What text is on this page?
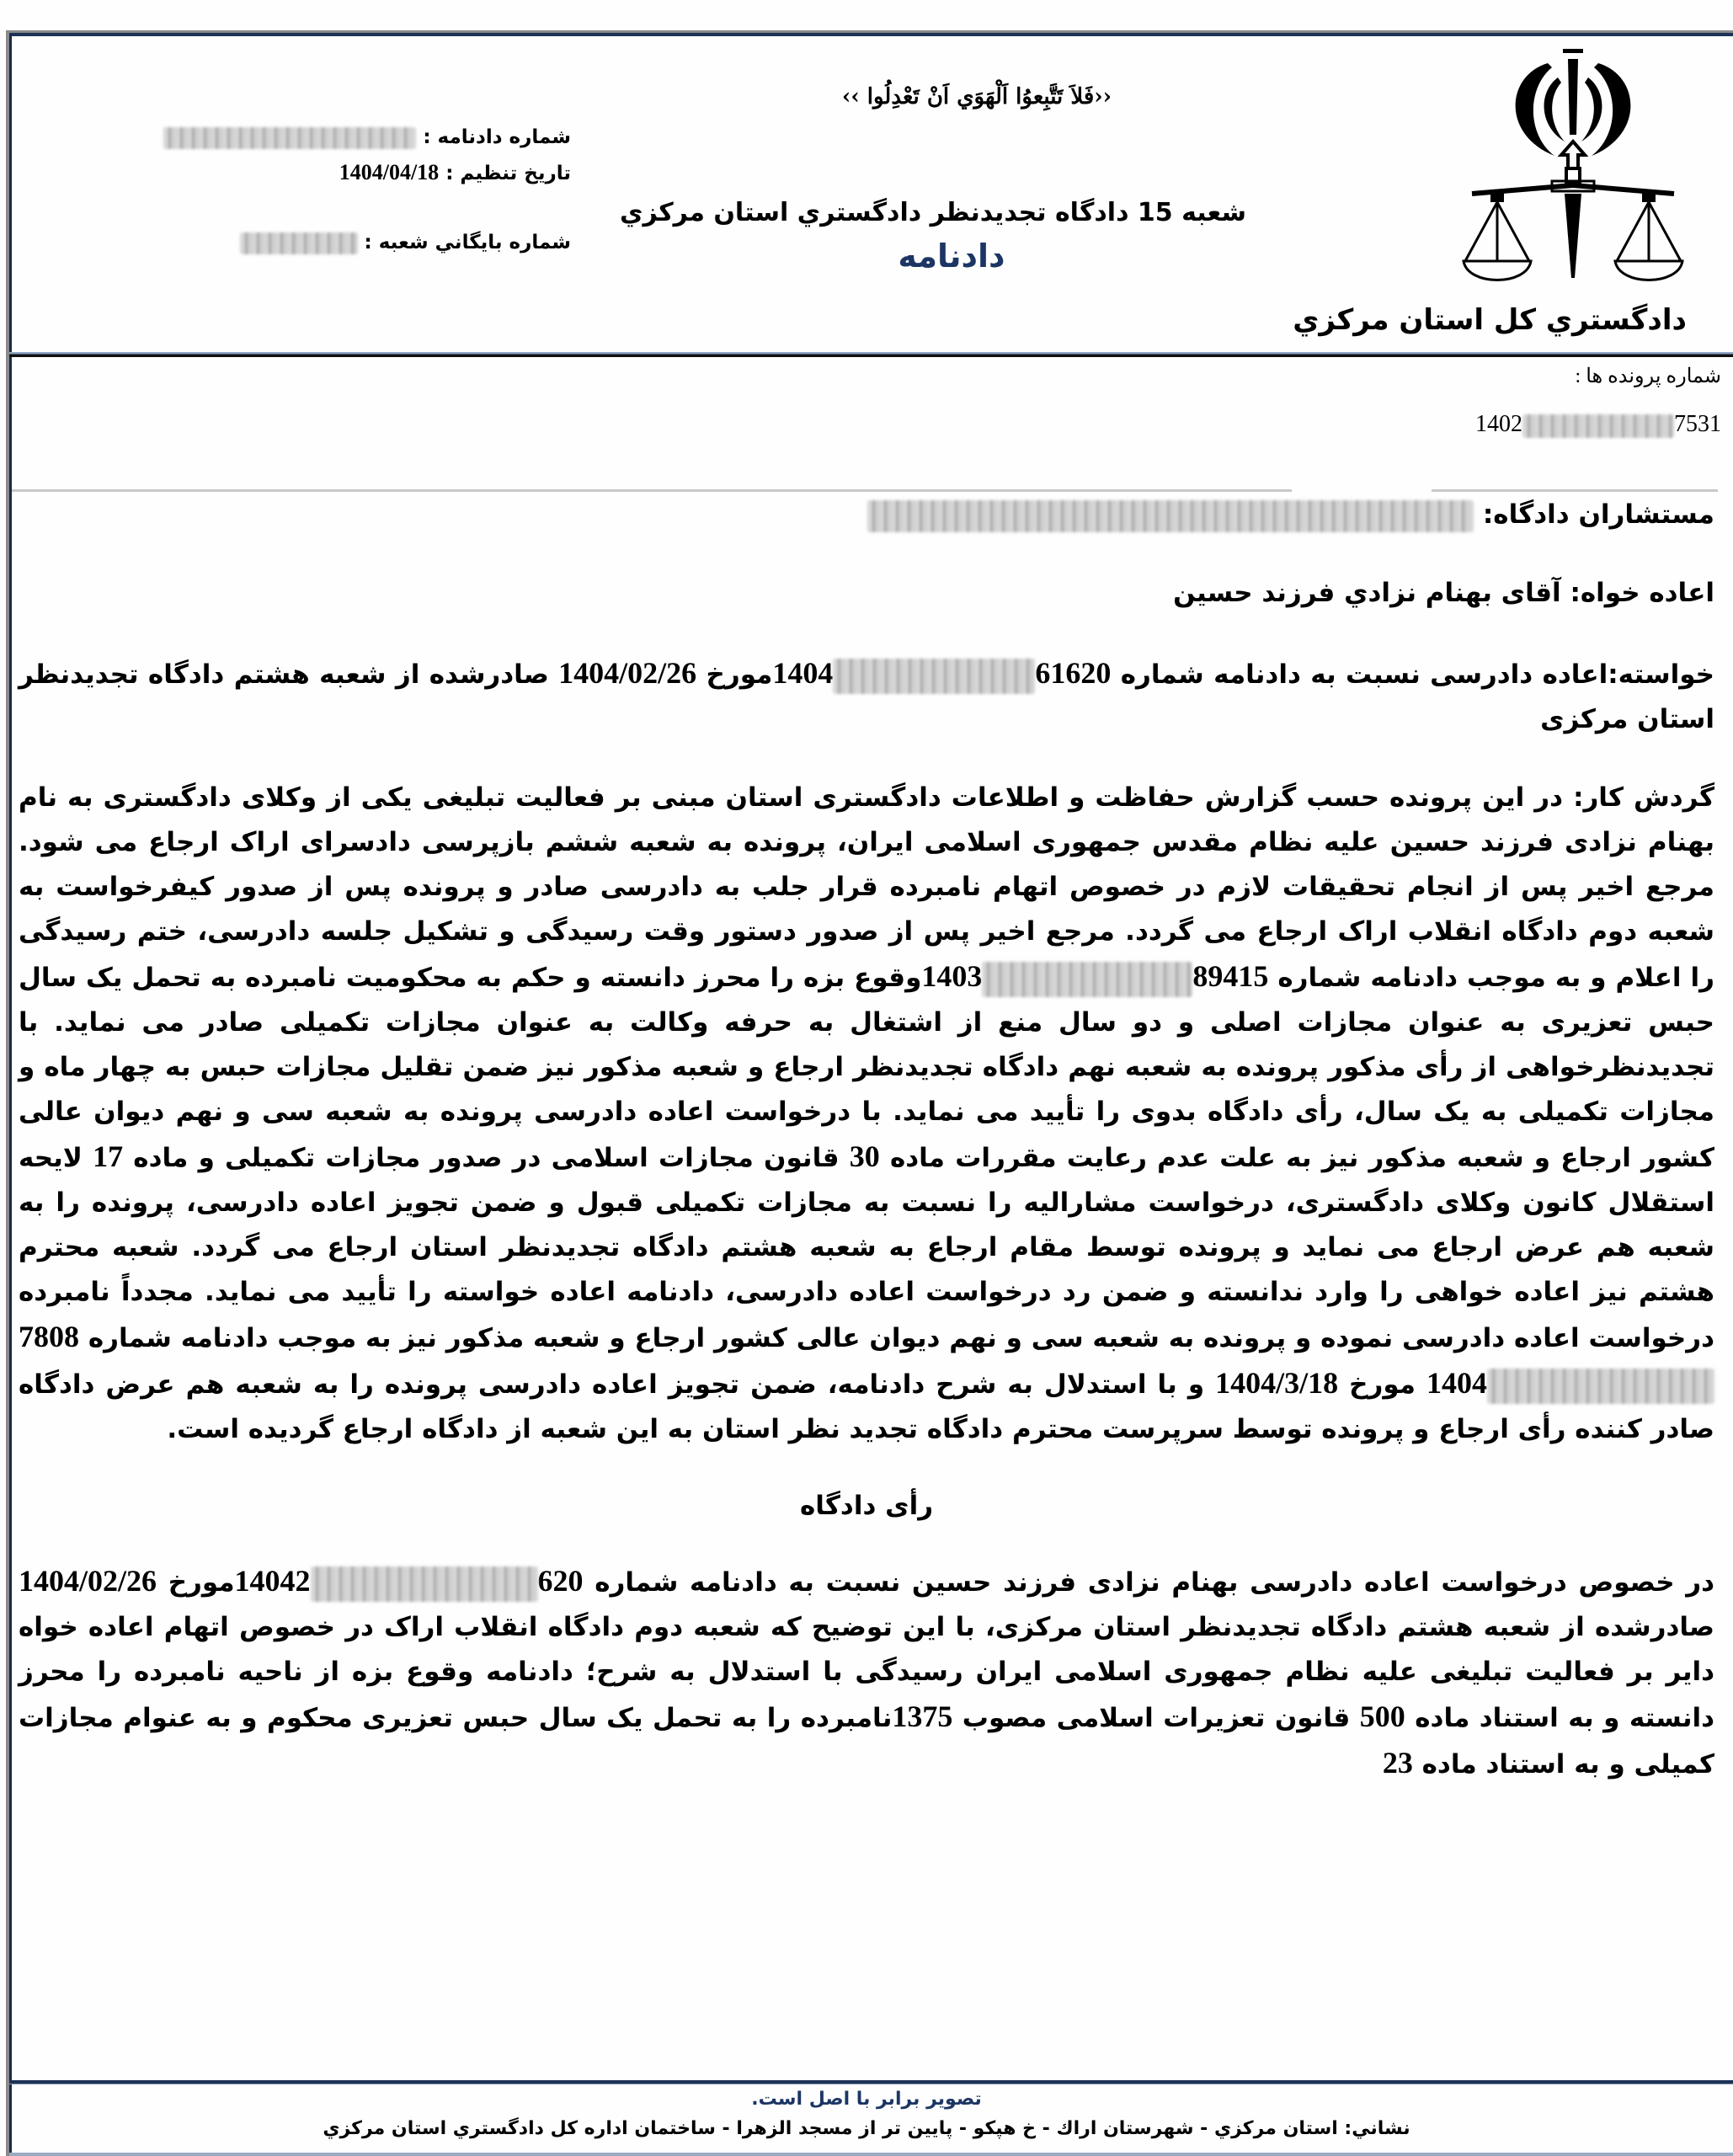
دادگستري كل استان مركزي
‹‹فَلاَ تَتَّبِعوُا اَلْهَوَي اَنْ تَعْدِلُوا ››
شعبه 15 دادگاه تجديدنظر دادگستري استان مركزي
دادنامه
شماره دادنامه :
تاريخ تنظيم : 1404/04/18
شماره بايگاني شعبه :
شماره پرونده ها :
1402	7531

مستشاران دادگاه:

اعاده خواه: آقای بهنام نزادي فرزند حسين

خواسته:اعاده دادرسی نسبت به دادنامه شماره 616201404مورخ 1404/02/26 صادرشده از شعبه هشتم دادگاه تجدیدنظر استان مرکزی

گردش کار: در این پرونده حسب گزارش حفاظت و اطلاعات دادگستری استان مبنی بر فعالیت تبلیغی یکی از وکلای دادگستری به نام بهنام نزادی فرزند حسین علیه نظام مقدس جمهوری اسلامی ایران، پرونده به شعبه ششم بازپرسی دادسرای اراک ارجاع می شود. مرجع اخیر پس از انجام تحقیقات لازم در خصوص اتهام نامبرده قرار جلب به دادرسی صادر و پرونده پس از صدور کیفرخواست به شعبه دوم دادگاه انقلاب اراک ارجاع می گردد. مرجع اخیر پس از صدور دستور وقت رسیدگی و تشکیل جلسه دادرسی، ختم رسیدگی را اعلام و به موجب دادنامه شماره 894151403وقوع بزه را محرز دانسته و حکم به محکومیت نامبرده به تحمل یک سال حبس تعزیری به عنوان مجازات اصلی و دو سال منع از اشتغال به حرفه وکالت به عنوان مجازات تکمیلی صادر می نماید. با تجدیدنظرخواهی از رأی مذکور پرونده به شعبه نهم دادگاه تجدیدنظر ارجاع و شعبه مذکور نیز ضمن تقلیل مجازات حبس به چهار ماه و مجازات تکمیلی به یک سال، رأی دادگاه بدوی را تأیید می نماید. با درخواست اعاده دادرسی پرونده به شعبه سی و نهم دیوان عالی کشور ارجاع و شعبه مذکور نیز به علت عدم رعایت مقررات ماده 30 قانون مجازات اسلامی در صدور مجازات تکمیلی و ماده 17 لایحه استقلال کانون وکلای دادگستری، درخواست مشارالیه را نسبت به مجازات تکمیلی قبول و ضمن تجویز اعاده دادرسی، پرونده را به شعبه هم عرض ارجاع می نماید و پرونده توسط مقام ارجاع به شعبه هشتم دادگاه تجدیدنظر استان ارجاع می گردد. شعبه محترم هشتم نیز اعاده خواهی را وارد ندانسته و ضمن رد درخواست اعاده دادرسی، دادنامه اعاده خواسته را تأیید می نماید. مجدداً نامبرده درخواست اعاده دادرسی نموده و پرونده به شعبه سی و نهم دیوان عالی کشور ارجاع و شعبه مذکور نیز به موجب دادنامه شماره 78081404 مورخ 1404/3/18 و با استدلال به شرح دادنامه، ضمن تجویز اعاده دادرسی پرونده را به شعبه هم عرض دادگاه صادر کننده رأی ارجاع و پرونده توسط سرپرست محترم دادگاه تجدید نظر استان به این شعبه از دادگاه ارجاع گردیده است.

رأی دادگاه

در خصوص درخواست اعاده دادرسی بهنام نزادی فرزند حسین نسبت به دادنامه شماره 62014042مورخ 1404/02/26 صادرشده از شعبه هشتم دادگاه تجدیدنظر استان مرکزی، با این توضیح که شعبه دوم دادگاه انقلاب اراک در خصوص اتهام اعاده خواه دایر بر فعالیت تبلیغی علیه نظام جمهوری اسلامی ایران رسیدگی با استدلال به شرح؛ دادنامه وقوع بزه از ناحیه نامبرده را محرز دانسته و به استناد ماده 500 قانون تعزیرات اسلامی مصوب 1375نامبرده را به تحمل یک سال حبس تعزیری محکوم و به عنوام مجازات کمیلی و به استناد ماده 23

تصوير برابر با اصل است.
نشاني: استان مركزي - شهرستان اراك - خ هپكو - پايين تر از مسجد الزهرا - ساختمان اداره كل دادگستري استان مركزي
